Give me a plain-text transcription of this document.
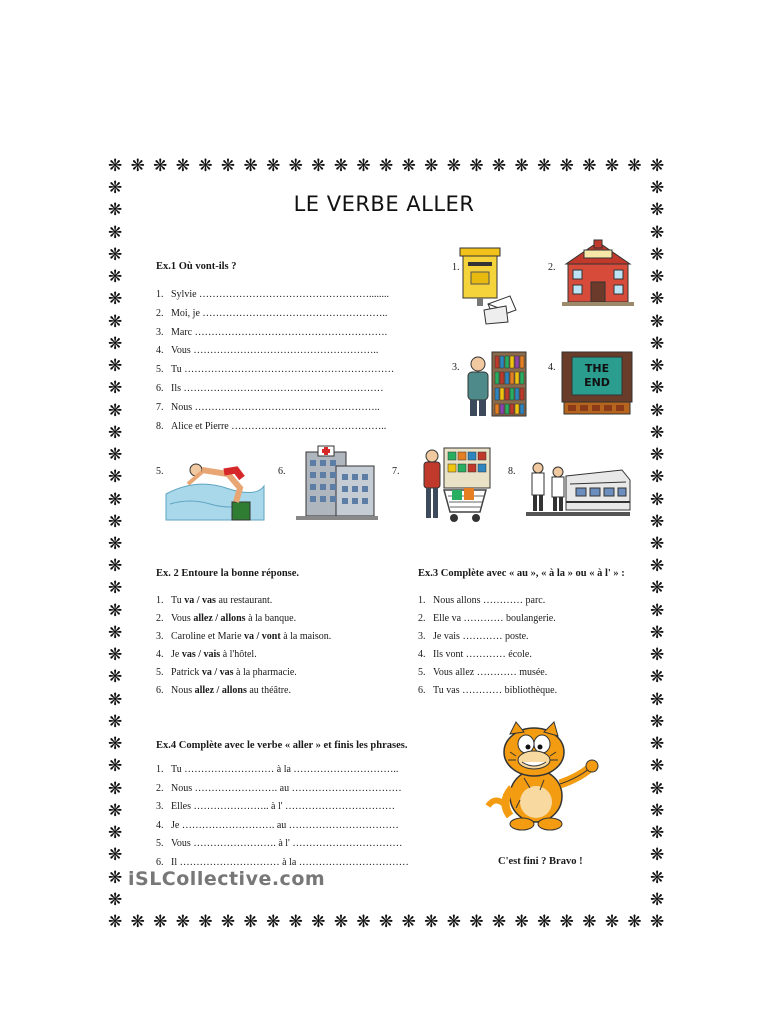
❋
❋
❋
❋
❋
❋
❋
❋
❋
❋
❋
❋
❋
❋
❋
❋
❋
❋
❋
❋
❋
❋
❋
❋
❋
❋
❋
❋
❋
❋
❋
❋
❋
❋
❋
❋
❋
❋
❋
❋
❋
❋
❋
❋
❋
❋
❋
❋
❋
❋
❋	❋
❋	❋
❋	❋
❋	❋
❋	❋
❋	❋
❋	❋
❋	❋
❋	❋
❋	❋
❋	❋
❋	❋
❋	❋
❋	❋
❋	❋
❋	❋
❋	❋
❋	❋
❋	❋
❋	❋
❋	❋
❋	❋
❋	❋
❋	❋
❋	❋
❋	❋
❋	❋
❋	❋
❋	❋
❋	❋
❋	❋
❋	❋
❋	❋
LE VERBE ALLER
Ex.1 Où vont-ils ?
1. Sylvie ……………………………………………........
2. Moi, je ………………………………………………..
3. Marc ………………………………………………….
4. Vous ………………………………………………..
5. Tu ………………………………………………………
6. Ils ……………………………………………………
7. Nous ………………………………………………..
8. Alice et Pierre ………………………………………..
1.	2.
3.	4.
5.	6.	7.	8.
THE
END
Ex. 2 Entoure la bonne réponse.
1. Tu va / vas au restaurant.
2. Vous allez / allons à la banque.
3. Caroline et Marie va / vont à la maison.
4. Je vas / vais à l'hôtel.
5. Patrick va / vas à la pharmacie.
6. Nous allez / allons au théâtre.
Ex.3 Complète avec « au », « à la » ou « à l' » :
1. Nous allons ………… parc.
2. Elle va ………… boulangerie.
3. Je vais ………… poste.
4. Ils vont ………… école.
5. Vous allez ………… musée.
6. Tu vas ………… bibliothèque.
Ex.4 Complète avec le verbe « aller » et finis les phrases.
1. Tu ……………………… à la …………………………..
2. Nous ……………………. au ……………………………
3. Elles ………………….. à l' ……………………………
4. Je ………………………. au ……………………………
5. Vous ……………………. à l' ……………………………
6. Il ………………………… à la ……………………………	C'est fini ? Bravo !
iSLCollective.com
